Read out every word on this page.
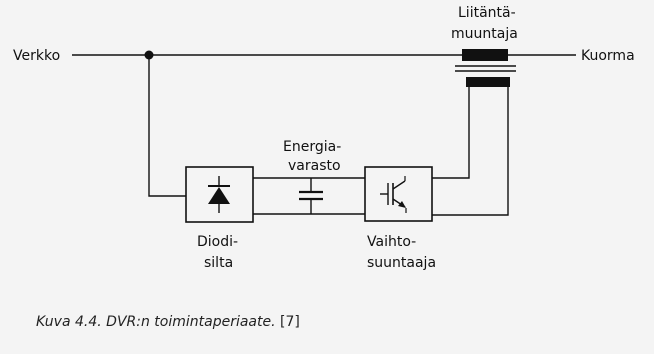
Verkko	Kuorma
Liitäntä-
muuntaja
Energia-
varasto
Diodi-
silta
Vaihto-
suuntaaja
Kuva 4.4. DVR:n toimintaperiaate. [7]
